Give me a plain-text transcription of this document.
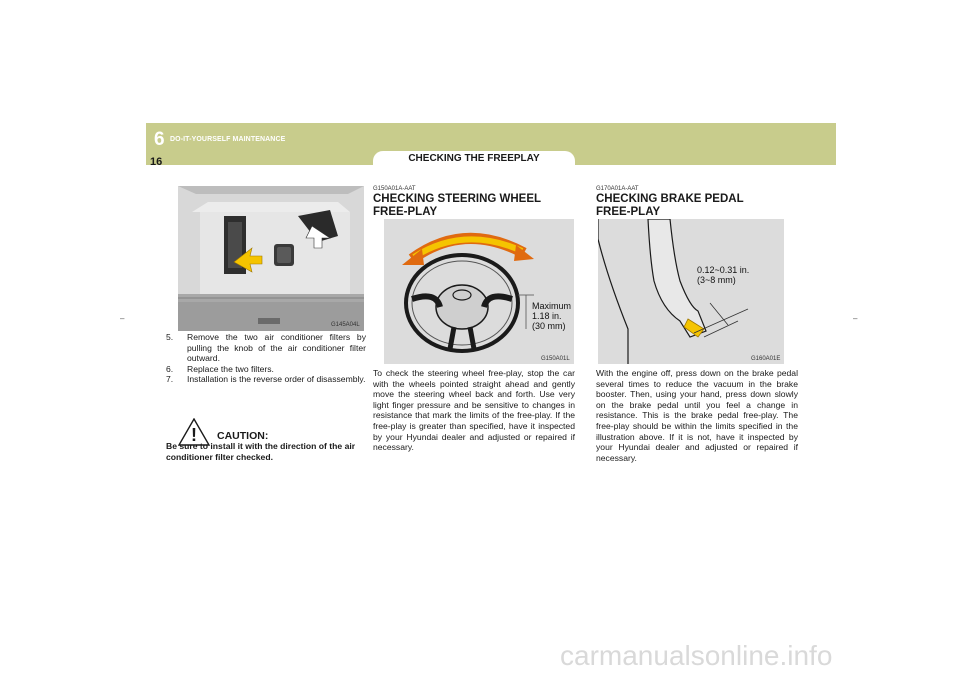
6 DO-IT-YOURSELF MAINTENANCE
16	CHECKING THE FREEPLAY
–	–
G145A04L
5. Remove the two air conditioner filters by pulling the knob of the air conditioner filter outward.
6. Replace the two filters.
7. Installation is the reverse order of disassembly.
! CAUTION:
Be sure to install it with the direction of the air conditioner filter checked.
G150A01A-AAT
CHECKING STEERING WHEEL
FREE-PLAY
Maximum
1.18 in.
(30 mm)
G150A01L
To check the steering wheel free-play, stop the car with the wheels pointed straight ahead and gently move the steering wheel back and forth. Use very light finger pressure and be sensitive to changes in resistance that mark the limits of the free-play. If the free-play is greater than specified, have it inspected by your Hyundai dealer and adjusted or repaired if necessary.
G170A01A-AAT
CHECKING BRAKE PEDAL
FREE-PLAY
0.12~0.31 in.
(3~8 mm)
G160A01E
With the engine off, press down on the brake pedal several times to reduce the vacuum in the brake booster. Then, using your hand, press down slowly on the brake pedal until you feel a change in resistance. This is the brake pedal free-play. The free-play should be within the limits specified in the illustration above. If it is not, have it inspected by your Hyundai dealer and adjusted or repaired if necessary.
carmanualsonline.info
